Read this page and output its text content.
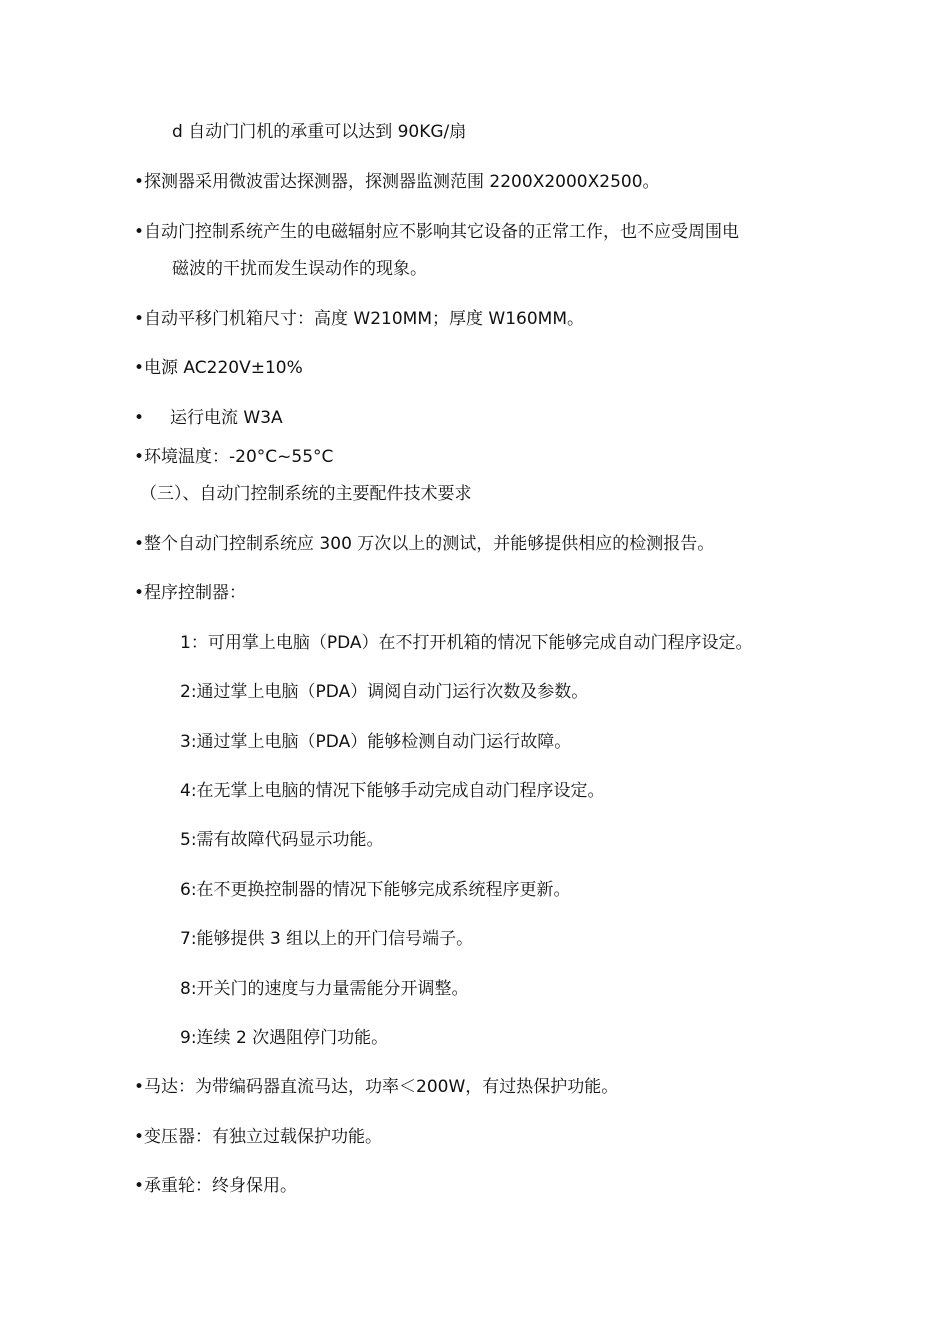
d 自动门门机的承重可以达到 90KG/扇
•探测器采用微波雷达探测器，探测器监测范围 2200X2000X2500。
•自动门控制系统产生的电磁辐射应不影响其它设备的正常工作，也不应受周围电
磁波的干扰而发生误动作的现象。
•自动平移门机箱尺寸：高度 W210MM；厚度 W160MM。
•电源 AC220V±10%
• 运行电流 W3A
•环境温度：-20°C~55°C
（三）、自动门控制系统的主要配件技术要求
•整个自动门控制系统应 300 万次以上的测试，并能够提供相应的检测报告。
•程序控制器：
1：可用掌上电脑（PDA）在不打开机箱的情况下能够完成自动门程序设定。
2:通过掌上电脑（PDA）调阅自动门运行次数及参数。
3:通过掌上电脑（PDA）能够检测自动门运行故障。
4:在无掌上电脑的情况下能够手动完成自动门程序设定。
5:需有故障代码显示功能。
6:在不更换控制器的情况下能够完成系统程序更新。
7:能够提供 3 组以上的开门信号端子。
8:开关门的速度与力量需能分开调整。
9:连续 2 次遇阻停门功能。
•马达：为带编码器直流马达，功率＜200W，有过热保护功能。
•变压器：有独立过载保护功能。
•承重轮：终身保用。
